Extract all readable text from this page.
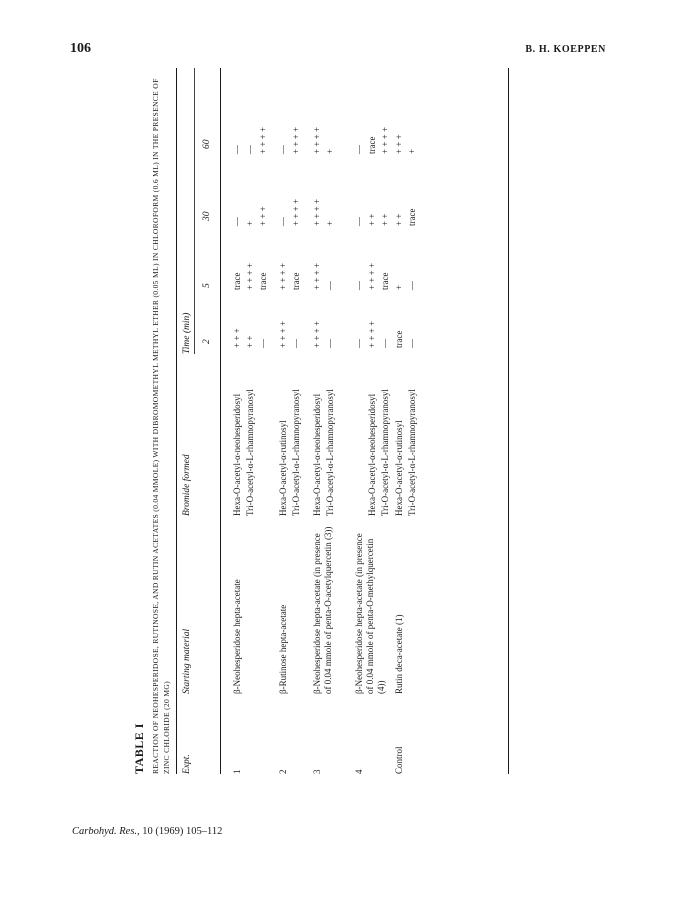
106	B. H. KOEPPEN
TABLE I REACTION OF NEOHESPERIDOSE, RUTINOSE, AND RUTIN ACETATES (0.04 MMOLE) WITH DIBROMOMETHYL METHYL ETHER (0.05 ML) IN CHLOROFORM (0.6 ML) IN THE PRESENCE OF ZINC CHLORIDE (20 MG) Expt.
Starting material
Bromide formed
Time (min) 2
5
30
60
1
β-Neohesperidose hepta-acetate
Hexa-O-acetyl-α-neohesperidosyl
+ + +
trace
—
—
Tri-O-acetyl-α-L-rhamnopyranosyl
+ +
+ + + +
+
—
—
trace
+ + +
+ + + +
2
β-Rutinose hepta-acetate
Hexa-O-acetyl-α-rutinosyl
+ + + +
+ + + +
—
—
Tri-O-acetyl-α-L-rhamnopyranosyl
—
trace
+ + + +
+ + + +
3
β-Neohesperidose hepta-acetate (in presence of 0.04 mmole of penta-O-acetylquercetin (3))
Hexa-O-acetyl-α-neohesperidosyl
+ + + +
+ + + +
+ + + +
+ + + +
Tri-O-acetyl-α-L-rhamnopyranosyl
—
—
+
+
4
β-Neohesperidose hepta-acetate (in presence of 0.04 mmole of penta-O-methylquercetin (4))
—
—
—
—
Hexa-O-acetyl-α-neohesperidosyl
+ + + +
+ + + +
+ +
trace
Tri-O-acetyl-α-L-rhamnopyranosyl
—
trace
+ +
+ + + +
Control
Rutin deca-acetate (1)
Hexa-O-acetyl-α-rutinosyl
trace
+
+ +
+ + +
Tri-O-acetyl-α-L-rhamnopyranosyl
—
—
trace
+
Carbohyd. Res., 10 (1969) 105–112
